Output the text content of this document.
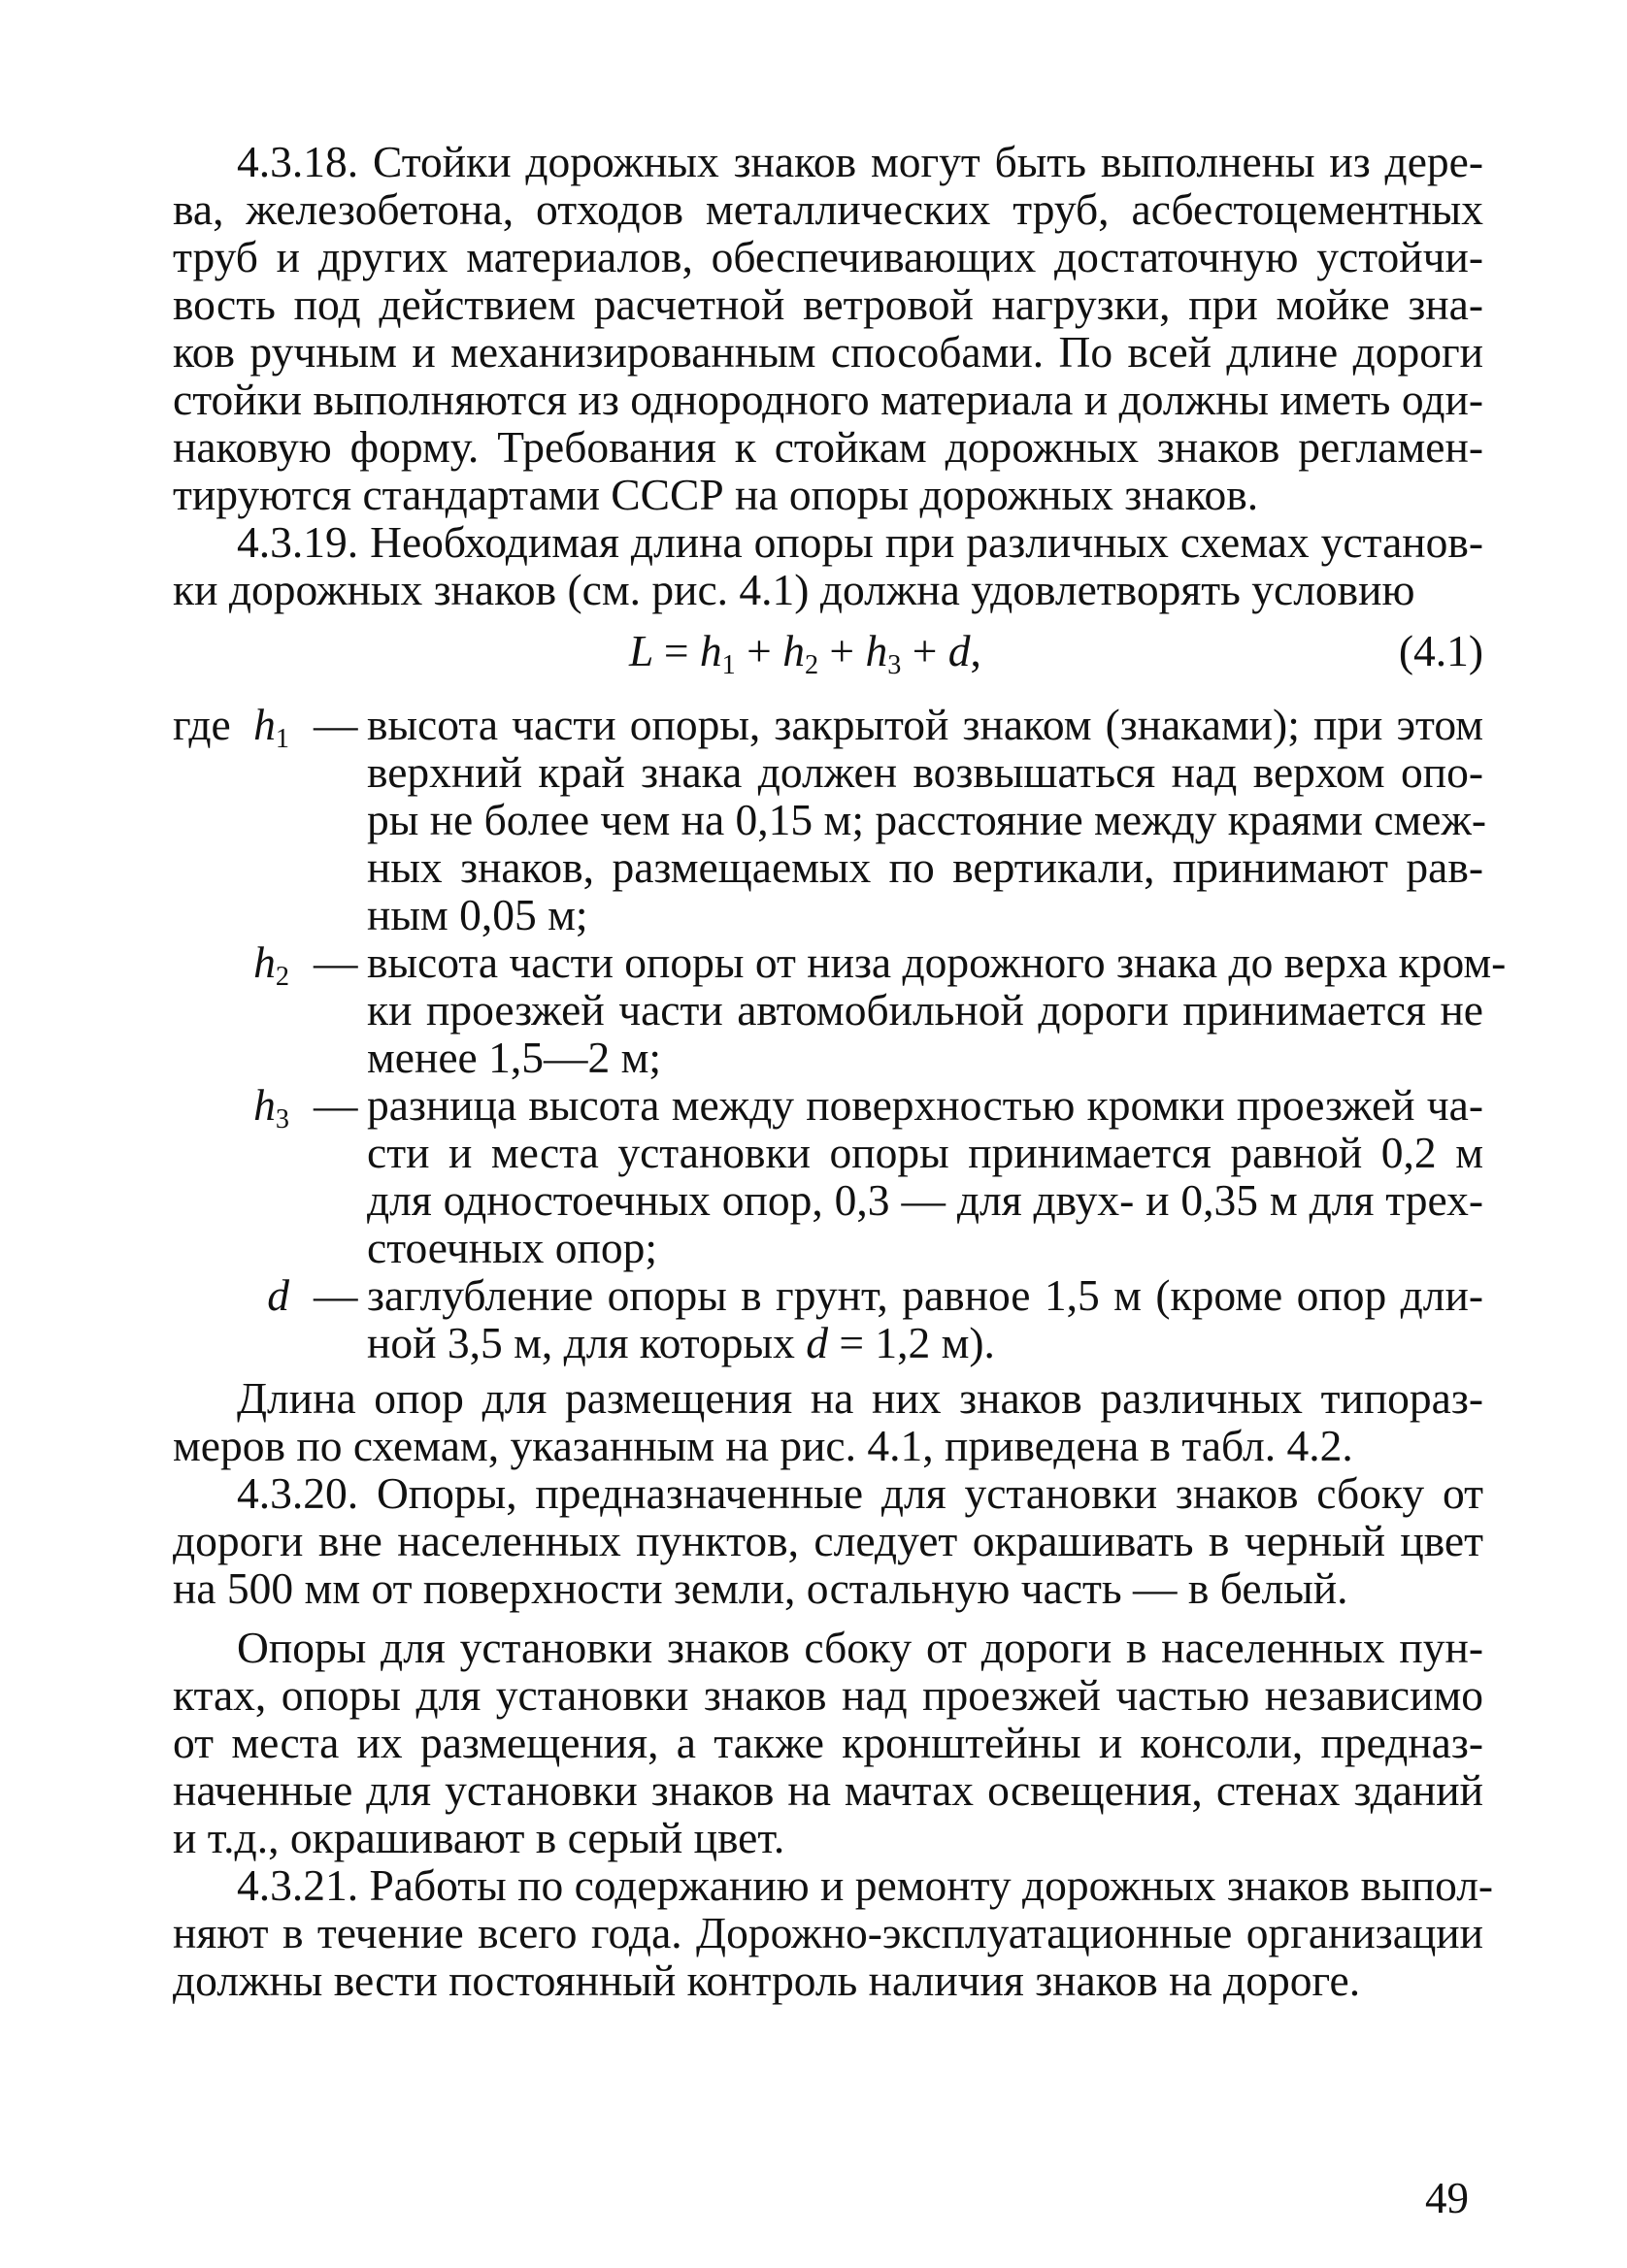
4.3.18. Стойки дорожных знаков могут быть выполнены из дере-
ва, железобетона, отходов металлических труб, асбестоцементных
труб и других материалов, обеспечивающих достаточную устойчи-
вость под действием расчетной ветровой нагрузки, при мойке зна-
ков ручным и механизированным способами. По всей длине дороги
стойки выполняются из однородного материала и должны иметь оди-
наковую форму. Требования к стойкам дорожных знаков регламен-
тируются стандартами СССР на опоры дорожных знаков.
4.3.19. Необходимая длина опоры при различных схемах установ-
ки дорожных знаков (см. рис. 4.1) должна удовлетворять условию
$L = h_1 + h_2 + h_3 + d$,	(4.1)
где $h_1$ — высота части опоры, закрытой знаком (знаками); при этом
верхний край знака должен возвышаться над верхом опо-
ры не более чем на 0,15 м; расстояние между краями смеж-
ных знаков, размещаемых по вертикали, принимают рав-
ным 0,05 м;
$h_2$ — высота части опоры от низа дорожного знака до верха кром-
ки проезжей части автомобильной дороги принимается не
менее 1,5—2 м;
$h_3$ — разница высота между поверхностью кромки проезжей ча-
сти и места установки опоры принимается равной 0,2 м
для одностоечных опор, 0,3 — для двух- и 0,35 м для трех-
стоечных опор;
d — заглубление опоры в грунт, равное 1,5 м (кроме опор дли-
ной 3,5 м, для которых d = 1,2 м).
Длина опор для размещения на них знаков различных типораз-
меров по схемам, указанным на рис. 4.1, приведена в табл. 4.2.
4.3.20. Опоры, предназначенные для установки знаков сбоку от
дороги вне населенных пунктов, следует окрашивать в черный цвет
на 500 мм от поверхности земли, остальную часть — в белый.
Опоры для установки знаков сбоку от дороги в населенных пун-
ктах, опоры для установки знаков над проезжей частью независимо
от места их размещения, а также кронштейны и консоли, предназ-
наченные для установки знаков на мачтах освещения, стенах зданий
и т.д., окрашивают в серый цвет.
4.3.21. Работы по содержанию и ремонту дорожных знаков выпол-
няют в течение всего года. Дорожно-эксплуатационные организации
должны вести постоянный контроль наличия знаков на дороге.
49
